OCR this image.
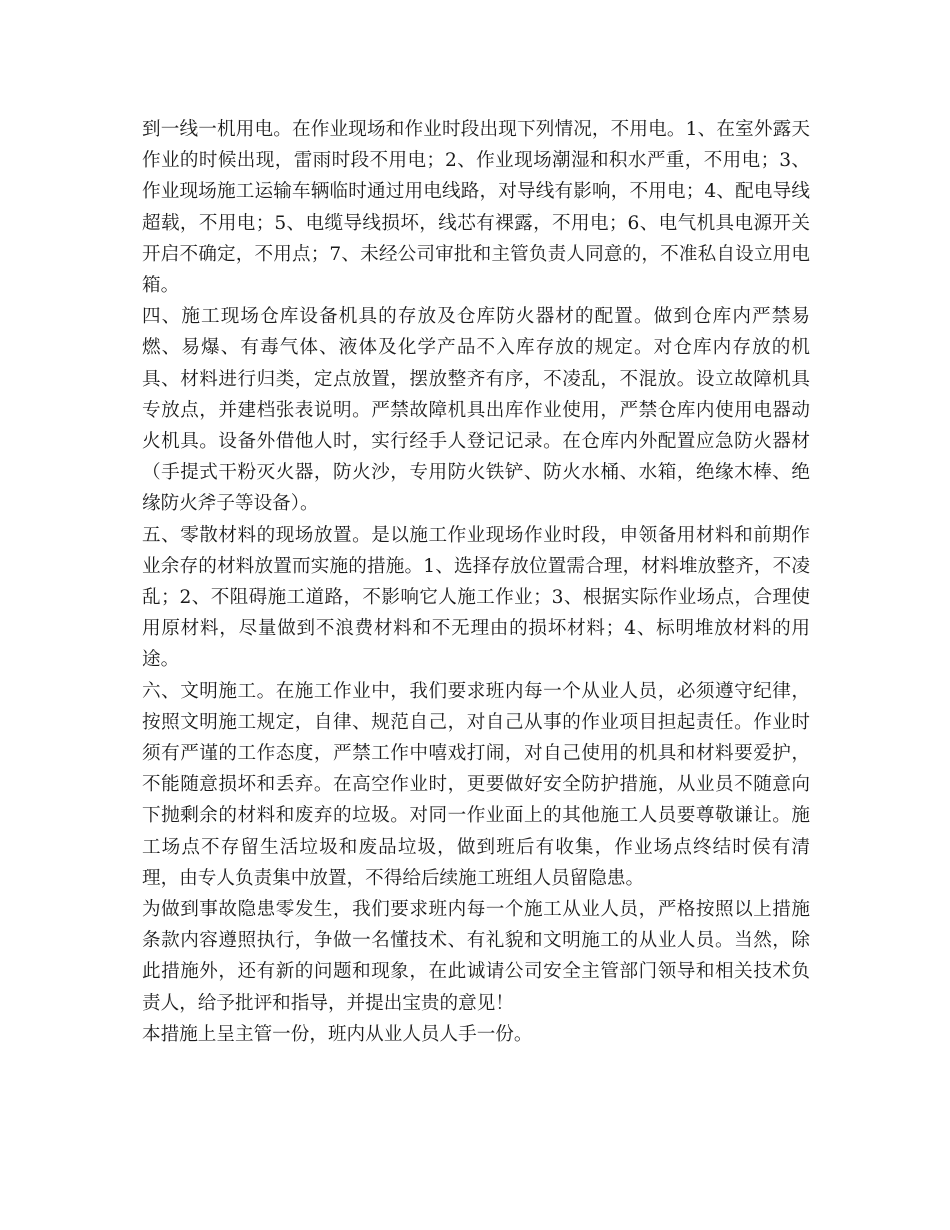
到一线一机用电。在作业现场和作业时段出现下列情况，不用电。1、在室外露天作业的时候出现，雷雨时段不用电；2、作业现场潮湿和积水严重，不用电；3、作业现场施工运输车辆临时通过用电线路，对导线有影响，不用电；4、配电导线超载，不用电；5、电缆导线损坏，线芯有裸露，不用电；6、电气机具电源开关开启不确定，不用点；7、未经公司审批和主管负责人同意的，不准私自设立用电箱。

四、施工现场仓库设备机具的存放及仓库防火器材的配置。做到仓库内严禁易燃、易爆、有毒气体、液体及化学产品不入库存放的规定。对仓库内存放的机具、材料进行归类，定点放置，摆放整齐有序，不凌乱，不混放。设立故障机具专放点，并建档张表说明。严禁故障机具出库作业使用，严禁仓库内使用电器动火机具。设备外借他人时，实行经手人登记记录。在仓库内外配置应急防火器材（手提式干粉灭火器，防火沙，专用防火铁铲、防火水桶、水箱，绝缘木棒、绝缘防火斧子等设备）。

五、零散材料的现场放置。是以施工作业现场作业时段，申领备用材料和前期作业余存的材料放置而实施的措施。1、选择存放位置需合理，材料堆放整齐，不凌乱；2、不阻碍施工道路，不影响它人施工作业；3、根据实际作业场点，合理使用原材料，尽量做到不浪费材料和不无理由的损坏材料；4、标明堆放材料的用途。

六、文明施工。在施工作业中，我们要求班内每一个从业人员，必须遵守纪律，按照文明施工规定，自律、规范自己，对自己从事的作业项目担起责任。作业时须有严谨的工作态度，严禁工作中嘻戏打闹，对自己使用的机具和材料要爱护，不能随意损坏和丢弃。在高空作业时，更要做好安全防护措施，从业员不随意向下抛剩余的材料和废弃的垃圾。对同一作业面上的其他施工人员要尊敬谦让。施工场点不存留生活垃圾和废品垃圾，做到班后有收集，作业场点终结时侯有清理，由专人负责集中放置，不得给后续施工班组人员留隐患。

为做到事故隐患零发生，我们要求班内每一个施工从业人员，严格按照以上措施条款内容遵照执行，争做一名懂技术、有礼貌和文明施工的从业人员。当然，除此措施外，还有新的问题和现象，在此诚请公司安全主管部门领导和相关技术负责人，给予批评和指导，并提出宝贵的意见！

本措施上呈主管一份，班内从业人员人手一份。
